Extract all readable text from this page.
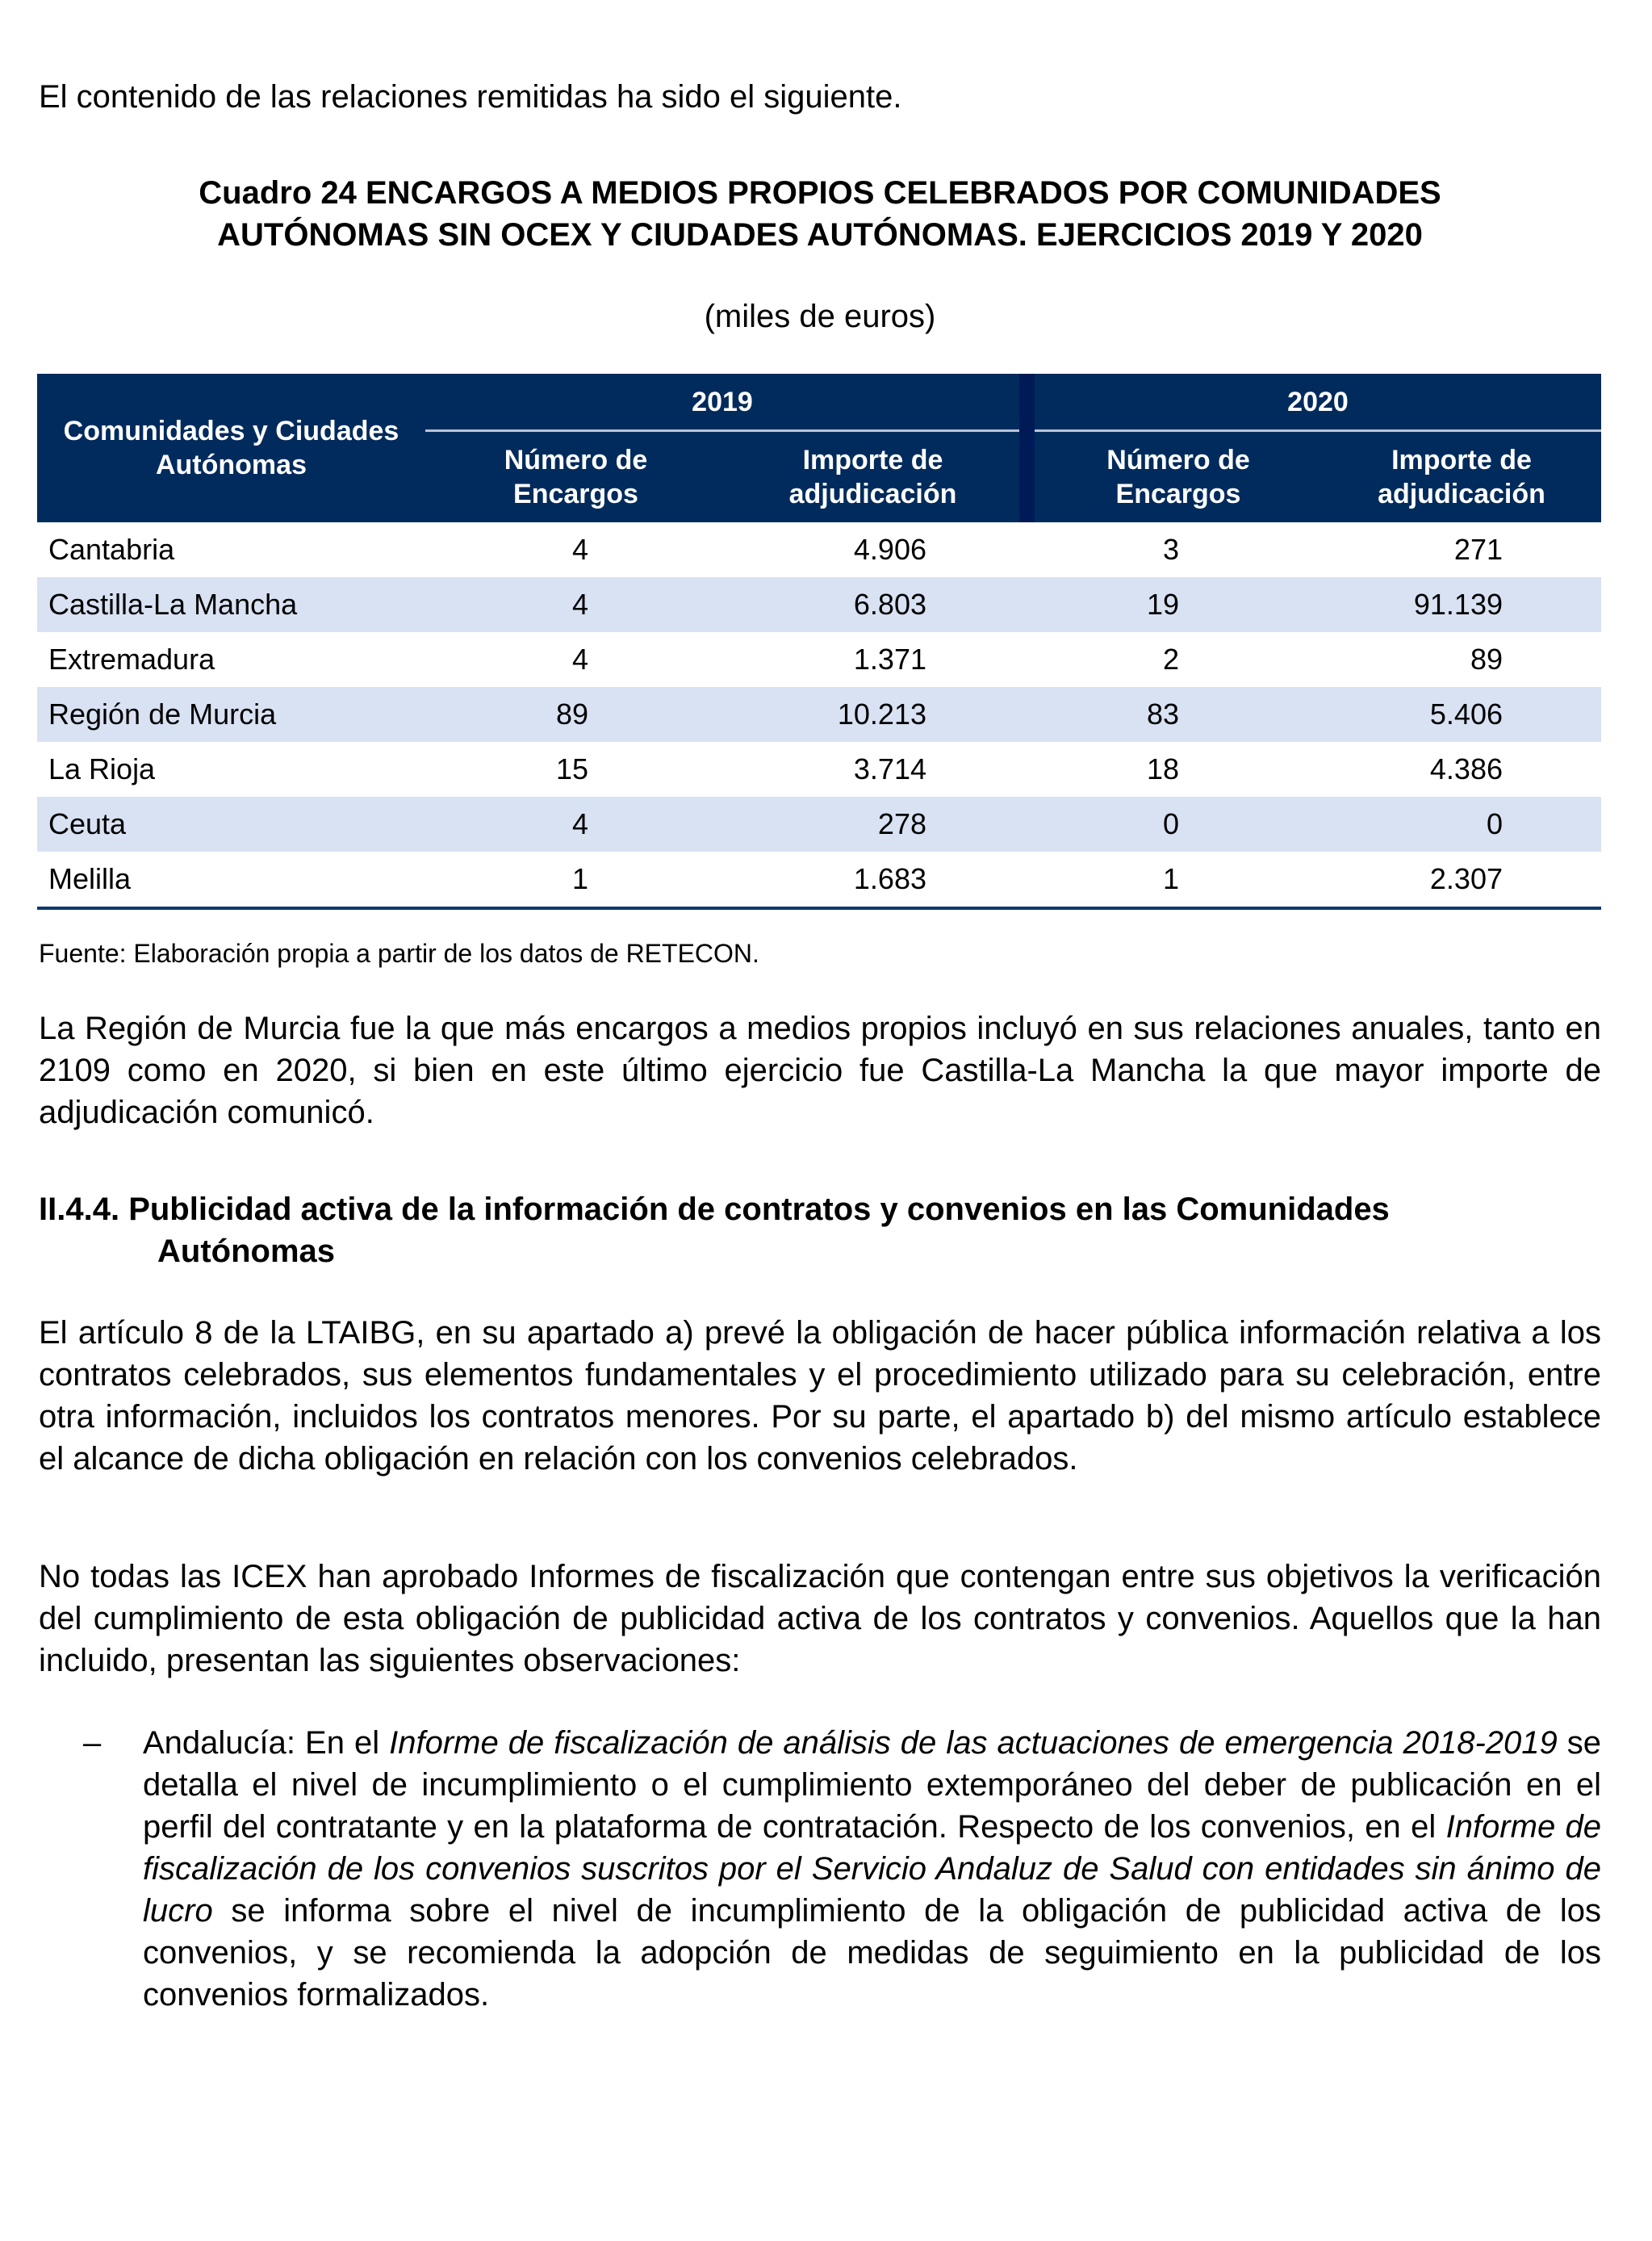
El contenido de las relaciones remitidas ha sido el siguiente.

Cuadro 24 ENCARGOS A MEDIOS PROPIOS CELEBRADOS POR COMUNIDADES
AUTÓNOMAS SIN OCEX Y CIUDADES AUTÓNOMAS. EJERCICIOS 2019 Y 2020
(miles de euros)
Comunidades y Ciudades
Autónomas
2019
Número de
Encargos
Importe de
adjudicación
2020
Número de
Encargos
Importe de
adjudicación
Cantabria	4	4.906	3	271
Castilla-La Mancha	4	6.803	19	91.139
Extremadura	4	1.371	2	89
Región de Murcia	89	10.213	83	5.406
La Rioja	15	3.714	18	4.386
Ceuta	4	278	0	0
Melilla	1	1.683	1	2.307
Fuente: Elaboración propia a partir de los datos de RETECON.

La Región de Murcia fue la que más encargos a medios propios incluyó en sus relaciones anuales, tanto en 2109 como en 2020, si bien en este último ejercicio fue Castilla-La Mancha la que mayor importe de adjudicación comunicó.

II.4.4. Publicidad activa de la información de contratos y convenios en las Comunidades
Autónomas

El artículo 8 de la LTAIBG, en su apartado a) prevé la obligación de hacer pública información relativa a los contratos celebrados, sus elementos fundamentales y el procedimiento utilizado para su celebración, entre otra información, incluidos los contratos menores. Por su parte, el apartado b) del mismo artículo establece el alcance de dicha obligación en relación con los convenios celebrados.

No todas las ICEX han aprobado Informes de fiscalización que contengan entre sus objetivos la verificación del cumplimiento de esta obligación de publicidad activa de los contratos y convenios. Aquellos que la han incluido, presentan las siguientes observaciones:

– Andalucía: En el Informe de fiscalización de análisis de las actuaciones de emergencia 2018-2019 se detalla el nivel de incumplimiento o el cumplimiento extemporáneo del deber de publicación en el perfil del contratante y en la plataforma de contratación. Respecto de los convenios, en el Informe de fiscalización de los convenios suscritos por el Servicio Andaluz de Salud con entidades sin ánimo de lucro se informa sobre el nivel de incumplimiento de la obligación de publicidad activa de los convenios, y se recomienda la adopción de medidas de seguimiento en la publicidad de los convenios formalizados.
